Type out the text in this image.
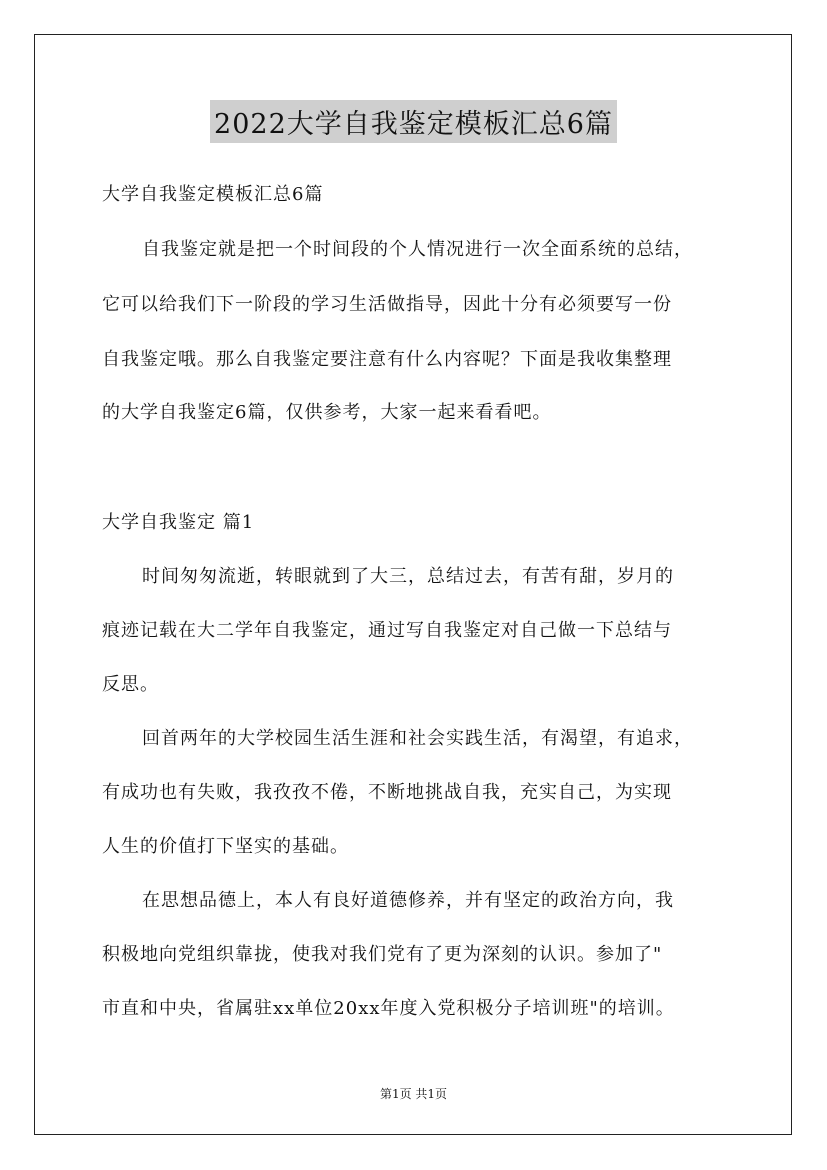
2022大学自我鉴定模板汇总6篇
大学自我鉴定模板汇总6篇
自我鉴定就是把一个时间段的个人情况进行一次全面系统的总结，
它可以给我们下一阶段的学习生活做指导，因此十分有必须要写一份
自我鉴定哦。那么自我鉴定要注意有什么内容呢？下面是我收集整理
的大学自我鉴定6篇，仅供参考，大家一起来看看吧。
大学自我鉴定 篇1
时间匆匆流逝，转眼就到了大三，总结过去，有苦有甜，岁月的
痕迹记载在大二学年自我鉴定，通过写自我鉴定对自己做一下总结与
反思。
回首两年的大学校园生活生涯和社会实践生活，有渴望，有追求，
有成功也有失败，我孜孜不倦，不断地挑战自我，充实自己，为实现
人生的价值打下坚实的基础。
在思想品德上，本人有良好道德修养，并有坚定的政治方向，我
积极地向党组织靠拢，使我对我们党有了更为深刻的认识。参加了"
市直和中央，省属驻xx单位20xx年度入党积极分子培训班"的培训。
第1页 共1页
